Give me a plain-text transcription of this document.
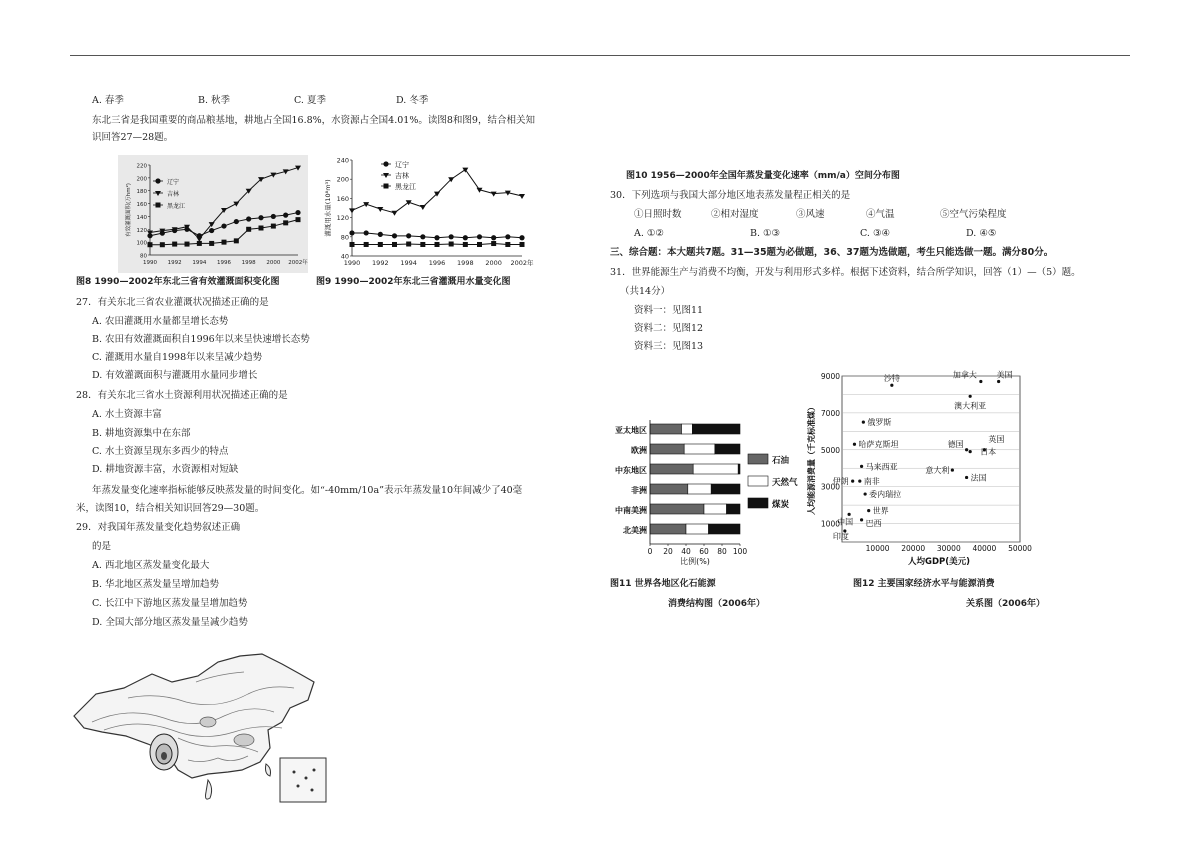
A. 春季	B. 秋季	C. 夏季	D. 冬季
东北三省是我国重要的商品粮基地，耕地占全国16.8%，水资源占全国4.01%。读图8和图9，结合相关知
识回答27—28题。
80
100
120
140
160
180
200
220
1990 1992 1994 1996 1998 2000 2002年
有效灌溉面积(万hm²)
辽宁
吉林
黑龙江
40
80
120
160
200
240
1990 1992 1994 1996 1998 2000 2002年
灌溉用水量(10⁸m³)
辽宁
吉林
黑龙江
图8 1990—2002年东北三省有效灌溉面积变化图	图9 1990—2002年东北三省灌溉用水量变化图
27．有关东北三省农业灌溉状况描述正确的是
A. 农田灌溉用水量都呈增长态势
B. 农田有效灌溉面积自1996年以来呈快速增长态势
C. 灌溉用水量自1998年以来呈减少趋势
D. 有效灌溉面积与灌溉用水量同步增长
28．有关东北三省水土资源利用状况描述正确的是
A. 水土资源丰富
B. 耕地资源集中在东部
C. 水土资源呈现东多西少的特点
D. 耕地资源丰富，水资源相对短缺
年蒸发量变化速率指标能够反映蒸发量的时间变化。如“-40mm/10a”表示年蒸发量10年间减少了40毫
米，读图10，结合相关知识回答29—30题。
29．对我国年蒸发量变化趋势叙述正确
的是
A. 西北地区蒸发量变化最大
B. 华北地区蒸发量呈增加趋势
C. 长江中下游地区蒸发量呈增加趋势
D. 全国大部分地区蒸发量呈减少趋势
图10 1956—2000年全国年蒸发量变化速率（mm/a）空间分布图
30．下列选项与我国大部分地区地表蒸发量程正相关的是
①日照时数	②相对湿度	③风速	④气温	⑤空气污染程度
A. ①②	B. ①③	C. ③④	D. ④⑤
三、综合题：本大题共7题。31—35题为必做题，36、37题为选做题，考生只能选做一题。满分80分。
31．世界能源生产与消费不均衡，开发与利用形式多样。根据下述资料，结合所学知识，回答（1）—（5）题。
（共14分）
资料一：见图11
资料二：见图12
资料三：见图13
亚太地区
欧洲
中东地区
非洲
中南美洲
北美洲
0 20 40 60 80 100
比例(%)
石油
天然气
煤炭
1000
3000
5000
7000
9000
10000 20000 30000 40000 50000
人均GDP(美元)
人均能源消费量（千克标准煤）
沙特	加拿大 美国
澳大利亚
俄罗斯
哈萨克斯坦	德国
英国
日本
马来西亚	意大利
法国
伊朗 南非
委内瑞拉
世界
中国 巴西
印度
图11 世界各地区化石能源
消费结构图（2006年）
图12 主要国家经济水平与能源消费
关系图（2006年）
